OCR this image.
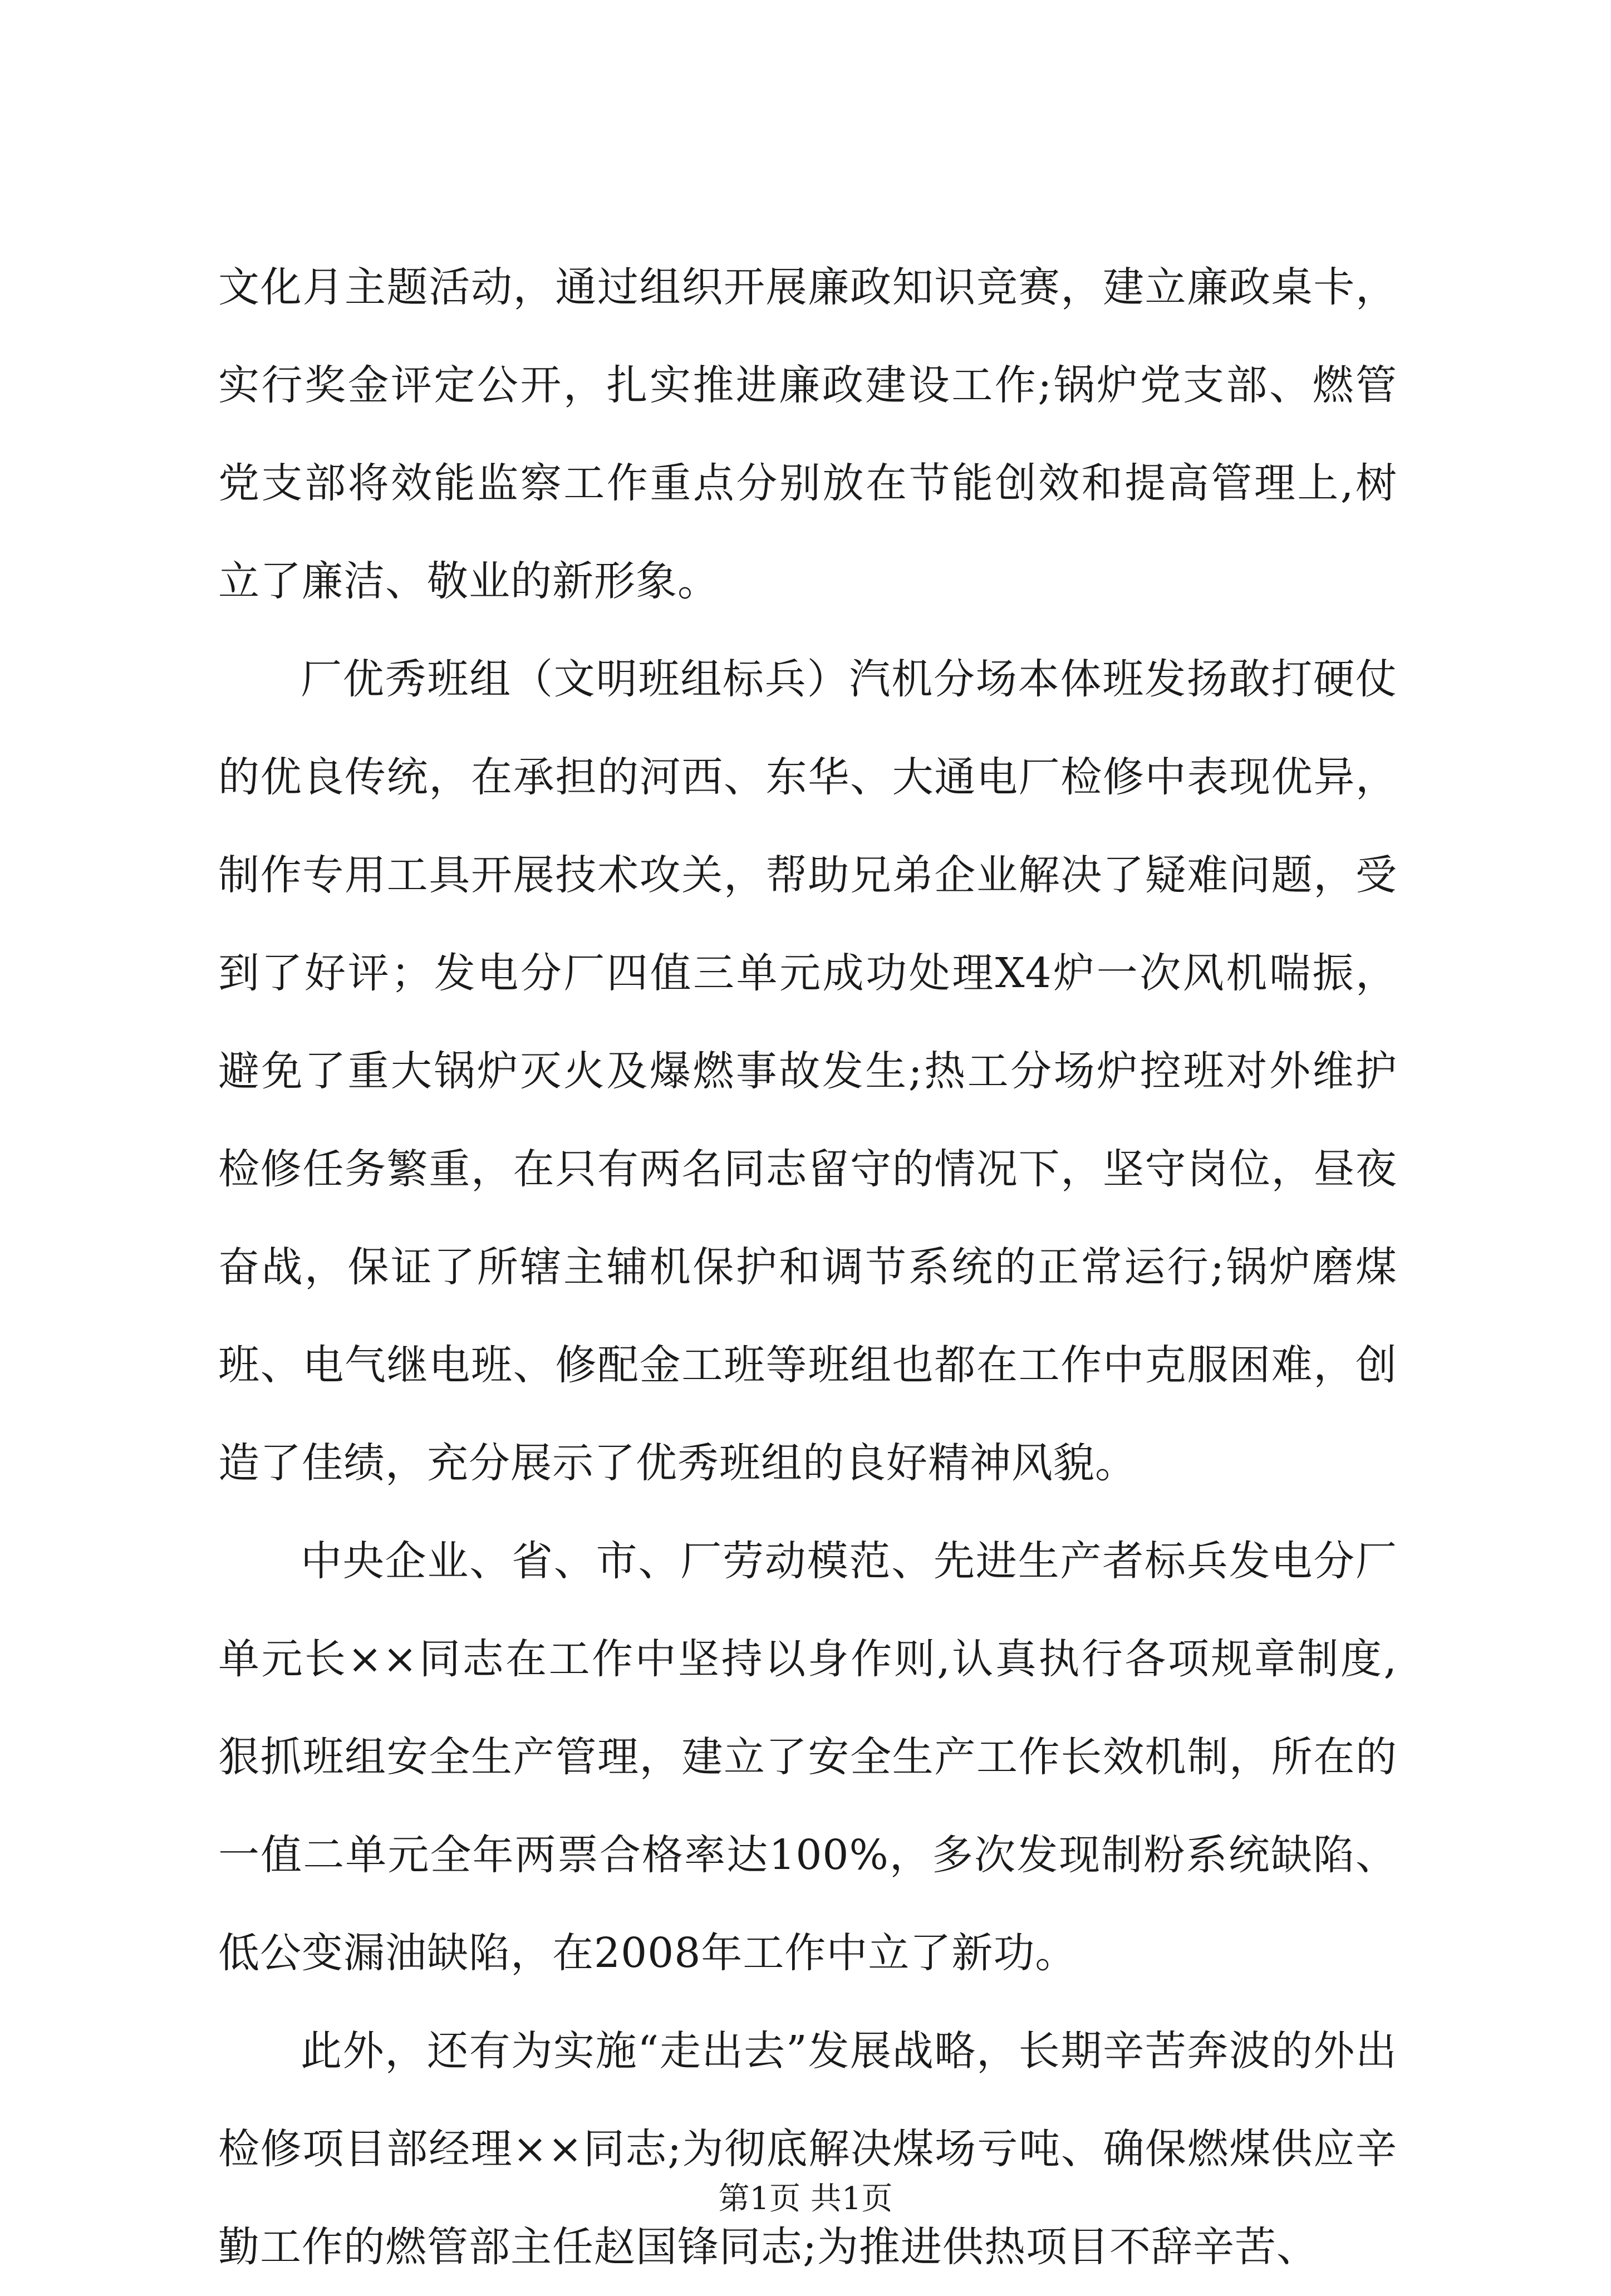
文化月主题活动，通过组织开展廉政知识竞赛，建立廉政桌卡，实行奖金评定公开，扎实推进廉政建设工作;锅炉党支部、燃管党支部将效能监察工作重点分别放在节能创效和提高管理上,树立了廉洁、敬业的新形象。

厂优秀班组（文明班组标兵）汽机分场本体班发扬敢打硬仗的优良传统，在承担的河西、东华、大通电厂检修中表现优异，制作专用工具开展技术攻关，帮助兄弟企业解决了疑难问题，受到了好评；发电分厂四值三单元成功处理X4炉一次风机喘振，避免了重大锅炉灭火及爆燃事故发生;热工分场炉控班对外维护检修任务繁重，在只有两名同志留守的情况下，坚守岗位，昼夜奋战，保证了所辖主辅机保护和调节系统的正常运行;锅炉磨煤班、电气继电班、修配金工班等班组也都在工作中克服困难，创造了佳绩，充分展示了优秀班组的良好精神风貌。

中央企业、省、市、厂劳动模范、先进生产者标兵发电分厂单元长××同志在工作中坚持以身作则,认真执行各项规章制度,狠抓班组安全生产管理，建立了安全生产工作长效机制，所在的一值二单元全年两票合格率达100%，多次发现制粉系统缺陷、低公变漏油缺陷，在2008年工作中立了新功。

此外，还有为实施“走出去”发展战略，长期辛苦奔波的外出检修项目部经理××同志;为彻底解决煤场亏吨、确保燃煤供应辛勤工作的燃管部主任赵国锋同志;为推进供热项目不辞辛苦、

第1页 共1页
